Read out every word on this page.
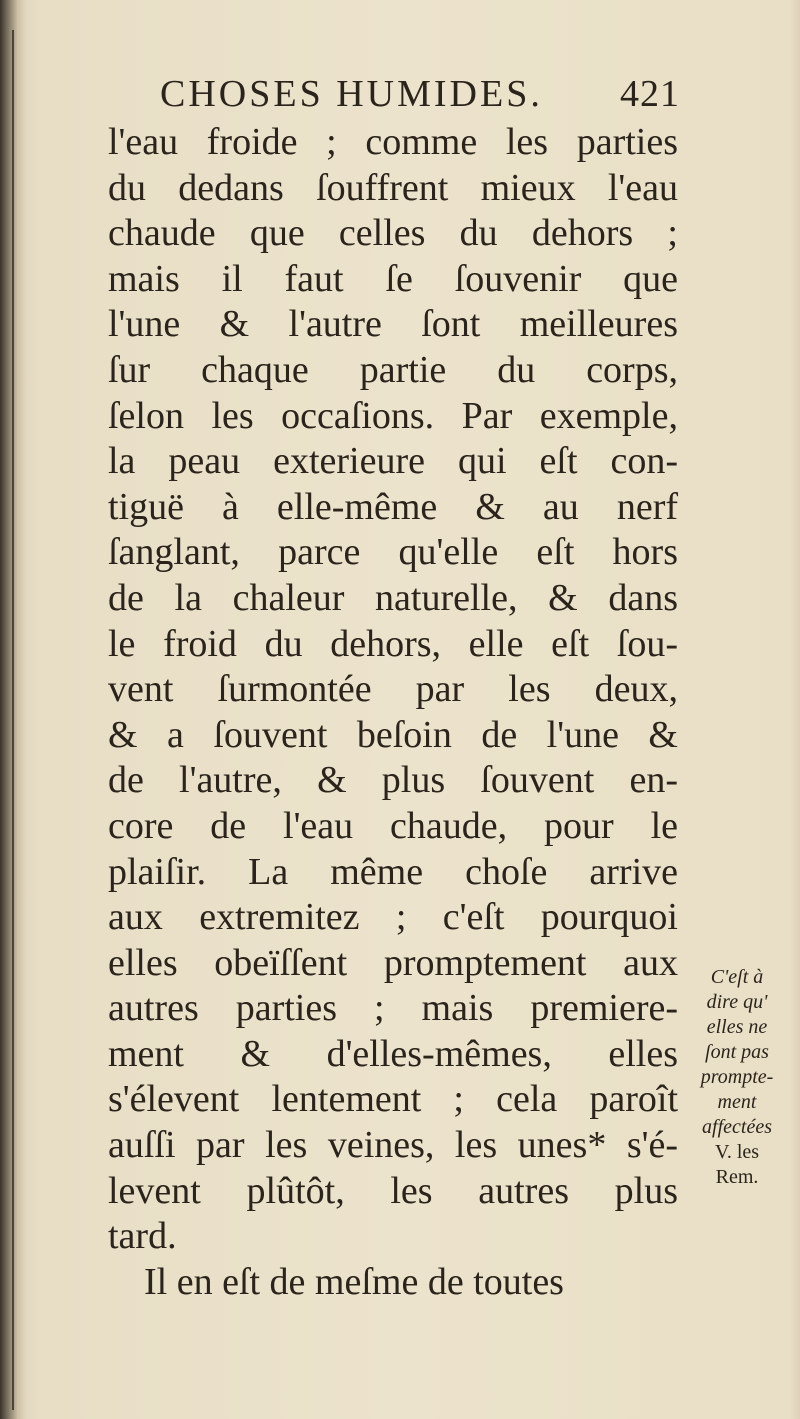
CHOSES HUMIDES. 421
l'eau froide ; comme les parties
du dedans ſouffrent mieux l'eau
chaude que celles du dehors ;
mais il faut ſe ſouvenir que
l'une & l'autre ſont meilleures
ſur chaque partie du corps,
ſelon les occaſions. Par exemple,
la peau exterieure qui eſt con-
tiguë à elle-même & au nerf
ſanglant, parce qu'elle eſt hors
de la chaleur naturelle, & dans
le froid du dehors, elle eſt ſou-
vent ſurmontée par les deux,
& a ſouvent beſoin de l'une &
de l'autre, & plus ſouvent en-
core de l'eau chaude, pour le
plaiſir. La même choſe arrive
aux extremitez ; c'eſt pourquoi
elles obeïſſent promptement aux
autres parties ; mais premiere-
ment & d'elles-mêmes, elles
s'élevent lentement ; cela paroît
auſſi par les veines, les unes* s'é-
levent plûtôt, les autres plus
tard.
Il en eſt de meſme de toutes
C'eſt à
dire qu'
elles ne
ſont pas
prompte-
ment
affectées
V. les
Rem.
